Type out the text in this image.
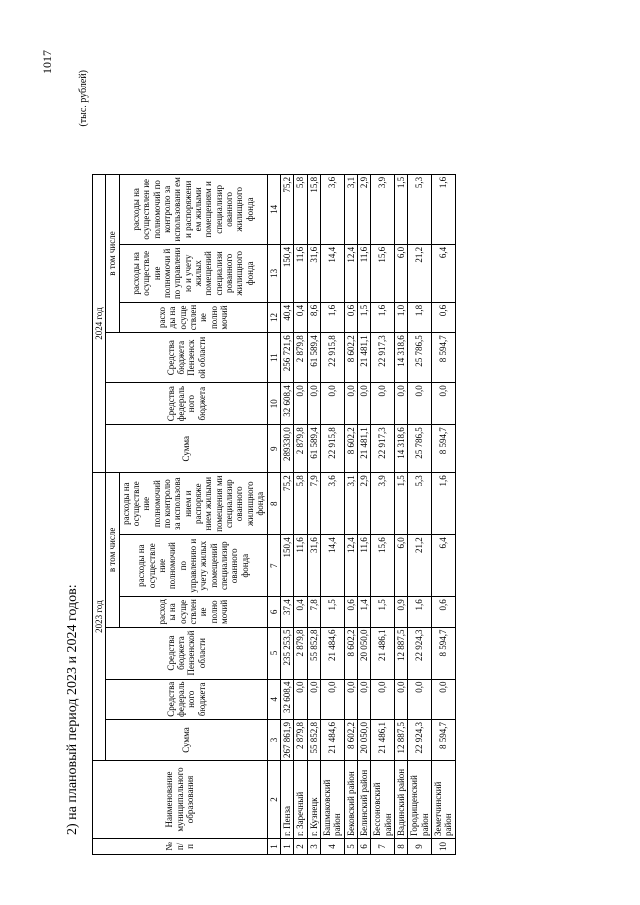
1017
2) на плановый период 2023 и 2024 годов:
(тыс. рублей)
№ п/п	Наименование муниципального образования	2023 год						2024 год					
		Сумма	Средства федераль ного бюджета	Средства бюджета Пензенской области	в том числе			Сумма	Средства федераль ного бюджета	Средства бюджета Пензенск ой области	в том числе		
					расход ы на осуще ствлен ие полно мочий	расходы на осуществле ние полномочий по управлению и учету жилых помещений специализир ованного фонда	расходы на осуществле ние полномочий по контролю за использова нием и распоряже нием жилыми помещения ми специализир ованного жилищного фонда				расхо ды на осуще ствлен ие полно мочий	расходы на осуществле ние полномочи й по управлени ю и учету жилых помещений специализи рованного жилищного фонда	расходы на осуществлен ие полномочий по контролю за использовани ем и распоряжени ем жилыми помещениям и специализир ованного жилищного фонда
1	2	3	4	5	6	7	8	9	10	11	12	13	14
1	г. Пенза	267 861,9	32 608,4	235 253,5	37,4	150,4	75,2	289330,0	32 608,4	256 721,6	40,4	150,4	75,2
2	г. Заречный	2 879,8	0,0	2 879,8	0,4	11,6	5,8	2 879,8	0,0	2 879,8	0,4	11,6	5,8
3	г. Кузнецк	55 852,8	0,0	55 852,8	7,8	31,6	7,9	61 589,4	0,0	61 589,4	8,6	31,6	15,8
4	Башмаковский район	21 484,6	0,0	21 484,6	1,5	14,4	3,6	22 915,8	0,0	22 915,8	1,6	14,4	3,6
5	Бековский район	8 602,2	0,0	8 602,2	0,6	12,4	3,1	8 602,2	0,0	8 602,2	0,6	12,4	3,1
6	Белинский район	20 050,0	0,0	20 050,0	1,4	11,6	2,9	21 481,1	0,0	21 481,1	1,5	11,6	2,9
7	Бессоновский район	21 486,1	0,0	21 486,1	1,5	15,6	3,9	22 917,3	0,0	22 917,3	1,6	15,6	3,9
8	Вадинский район	12 887,5	0,0	12 887,5	0,9	6,0	1,5	14 318,6	0,0	14 318,6	1,0	6,0	1,5
9	Городищенский район	22 924,3	0,0	22 924,3	1,6	21,2	5,3	25 786,5	0,0	25 786,5	1,8	21,2	5,3
10	Земетчинский район	8 594,7	0,0	8 594,7	0,6	6,4	1,6	8 594,7	0,0	8 594,7	0,6	6,4	1,6
